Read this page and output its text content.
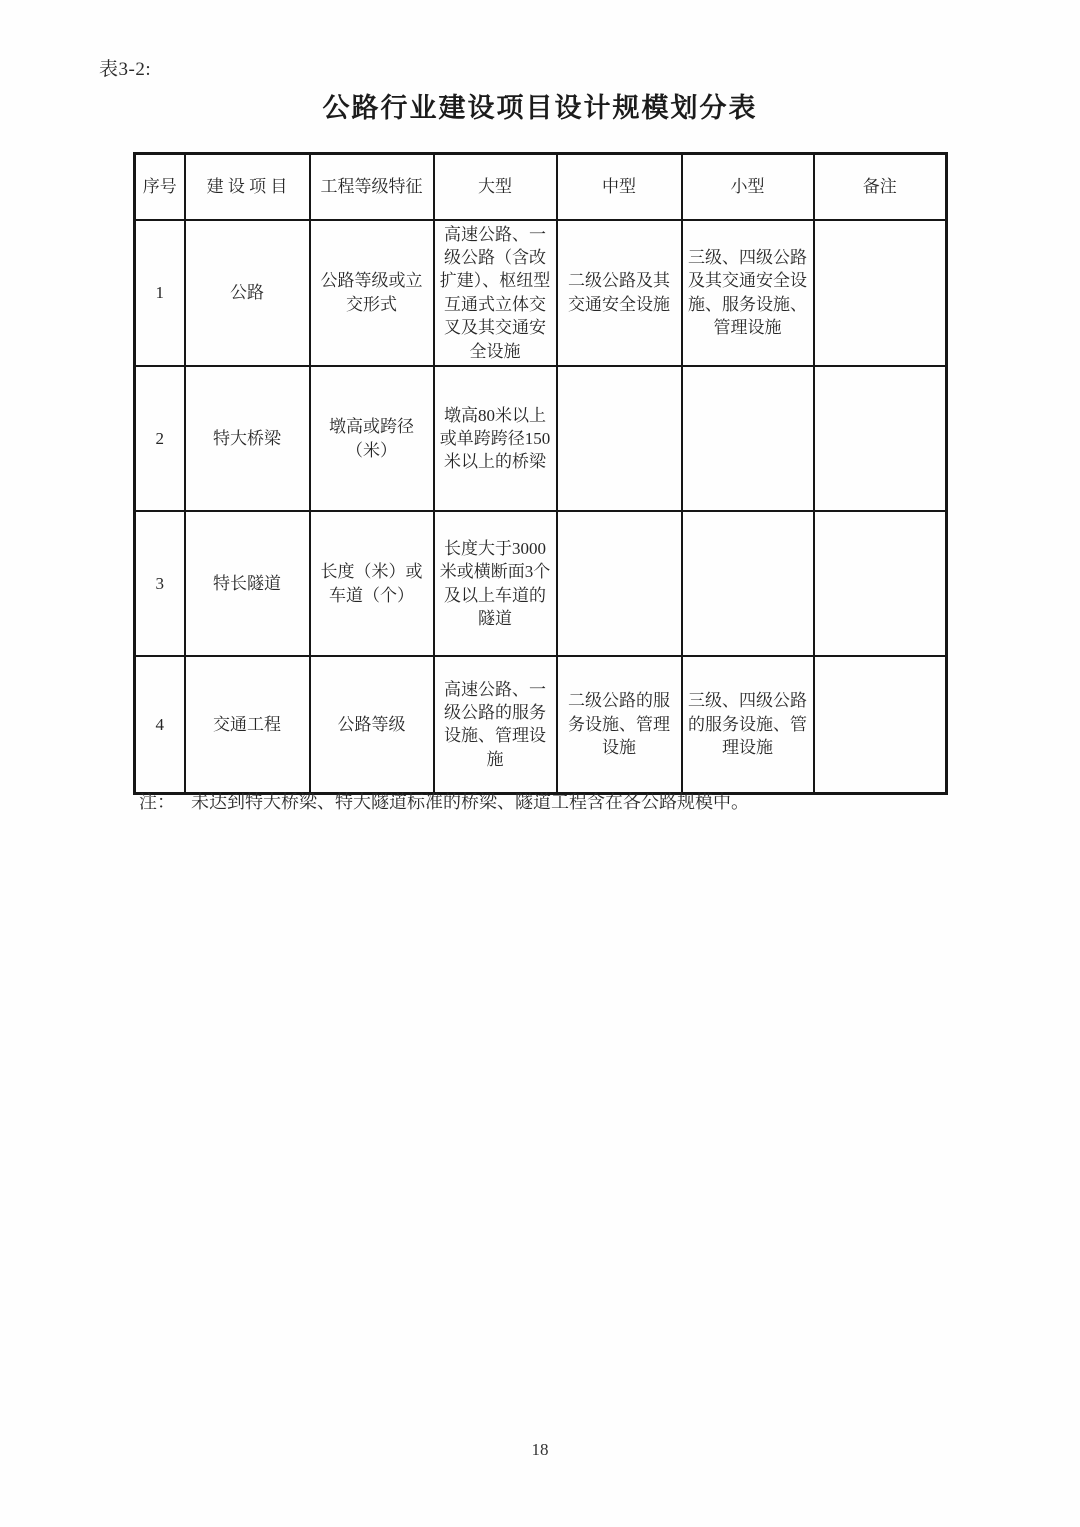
表3-2:
公路行业建设项目设计规模划分表
序号	建 设 项 目	工程等级特征	大型	中型	小型	备注
1	公路	公路等级或立交形式	高速公路、一级公路（含改扩建）、枢纽型互通式立体交叉及其交通安全设施	二级公路及其交通安全设施	三级、四级公路及其交通安全设施、服务设施、管理设施	
2	特大桥梁	墩高或跨径（米）	墩高80米以上或单跨跨径150米以上的桥梁			
3	特长隧道	长度（米）或车道（个）	长度大于3000米或横断面3个及以上车道的隧道			
4	交通工程	公路等级	高速公路、一级公路的服务设施、管理设施	二级公路的服务设施、管理设施	三级、四级公路的服务设施、管理设施	
注： 未达到特大桥梁、特大隧道标准的桥梁、隧道工程含在各公路规模中。
18
